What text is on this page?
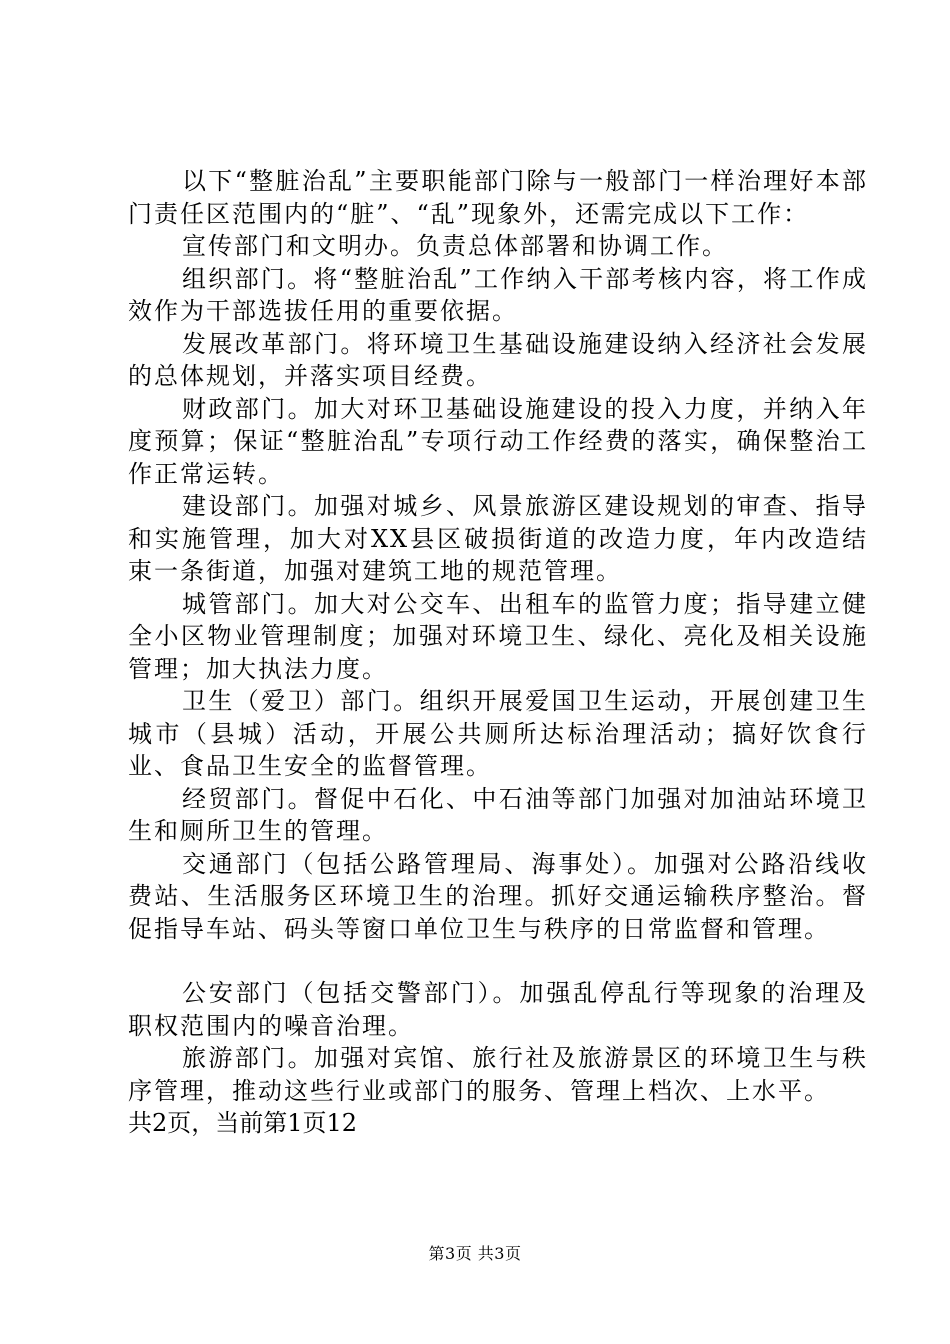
以下“整脏治乱”主要职能部门除与一般部门一样治理好本部门责任区范围内的“脏”、“乱”现象外，还需完成以下工作：

宣传部门和文明办。负责总体部署和协调工作。

组织部门。将“整脏治乱”工作纳入干部考核内容，将工作成效作为干部选拔任用的重要依据。

发展改革部门。将环境卫生基础设施建设纳入经济社会发展的总体规划，并落实项目经费。

财政部门。加大对环卫基础设施建设的投入力度，并纳入年度预算；保证“整脏治乱”专项行动工作经费的落实，确保整治工作正常运转。

建设部门。加强对城乡、风景旅游区建设规划的审查、指导和实施管理，加大对XX县区破损街道的改造力度，年内改造结束一条街道，加强对建筑工地的规范管理。

城管部门。加大对公交车、出租车的监管力度；指导建立健全小区物业管理制度；加强对环境卫生、绿化、亮化及相关设施管理；加大执法力度。

卫生（爱卫）部门。组织开展爱国卫生运动，开展创建卫生城市（县城）活动，开展公共厕所达标治理活动；搞好饮食行业、食品卫生安全的监督管理。

经贸部门。督促中石化、中石油等部门加强对加油站环境卫生和厕所卫生的管理。

交通部门（包括公路管理局、海事处）。加强对公路沿线收费站、生活服务区环境卫生的治理。抓好交通运输秩序整治。督促指导车站、码头等窗口单位卫生与秩序的日常监督和管理。

公安部门（包括交警部门）。加强乱停乱行等现象的治理及职权范围内的噪音治理。

旅游部门。加强对宾馆、旅行社及旅游景区的环境卫生与秩序管理，推动这些行业或部门的服务、管理上档次、上水平。

共2页，当前第1页12

第3页 共3页
